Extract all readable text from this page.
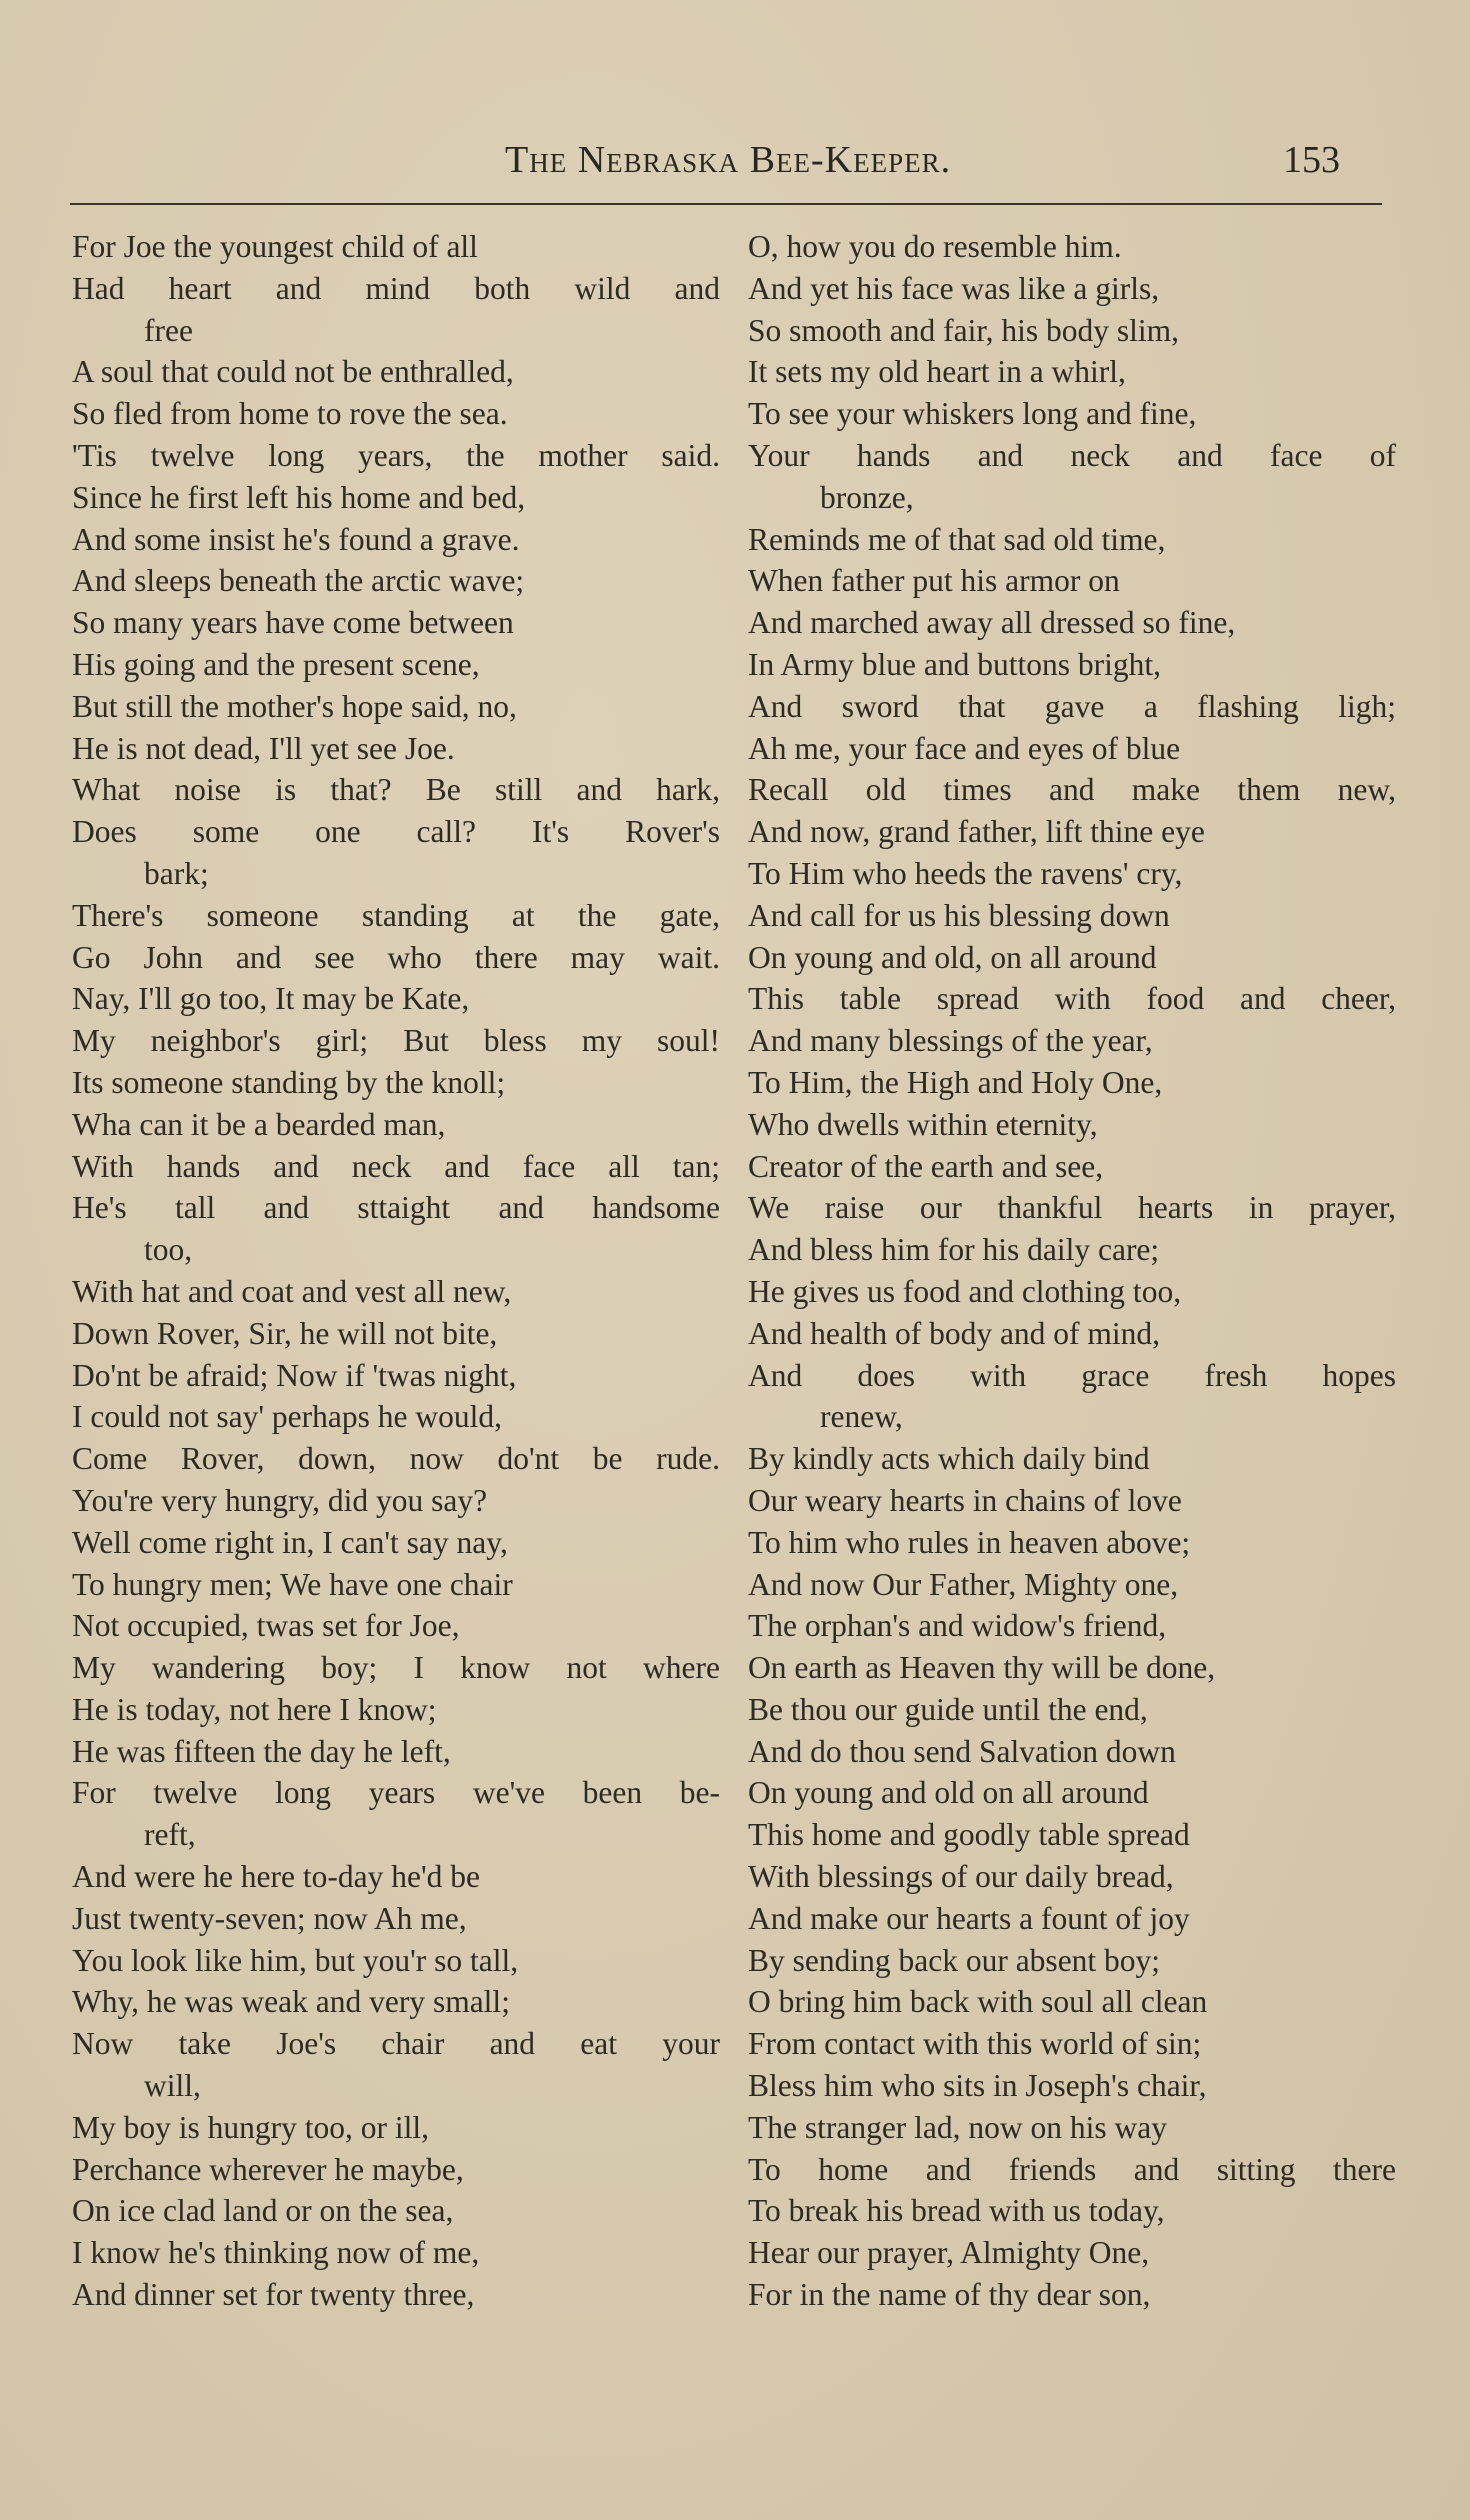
The Nebraska Bee-Keeper.	153
For Joe the youngest child of all
Had heart and mind both wild and
free
A soul that could not be enthralled,
So fled from home to rove the sea.
'Tis twelve long years, the mother said.
Since he first left his home and bed,
And some insist he's found a grave.
And sleeps beneath the arctic wave;
So many years have come between
His going and the present scene,
But still the mother's hope said, no,
He is not dead, I'll yet see Joe.
What noise is that? Be still and hark,
Does some one call? It's Rover's
bark;
There's someone standing at the gate,
Go John and see who there may wait.
Nay, I'll go too, It may be Kate,
My neighbor's girl; But bless my soul!
Its someone standing by the knoll;
Wha can it be a bearded man,
With hands and neck and face all tan;
He's tall and sttaight and handsome
too,
With hat and coat and vest all new,
Down Rover, Sir, he will not bite,
Do'nt be afraid; Now if 'twas night,
I could not say' perhaps he would,
Come Rover, down, now do'nt be rude.
You're very hungry, did you say?
Well come right in, I can't say nay,
To hungry men; We have one chair
Not occupied, twas set for Joe,
My wandering boy; I know not where
He is today, not here I know;
He was fifteen the day he left,
For twelve long years we've been be-
reft,
And were he here to-day he'd be
Just twenty-seven; now Ah me,
You look like him, but you'r so tall,
Why, he was weak and very small;
Now take Joe's chair and eat your
will,
My boy is hungry too, or ill,
Perchance wherever he maybe,
On ice clad land or on the sea,
I know he's thinking now of me,
And dinner set for twenty three,
O, how you do resemble him.
And yet his face was like a girls,
So smooth and fair, his body slim,
It sets my old heart in a whirl,
To see your whiskers long and fine,
Your hands and neck and face of
bronze,
Reminds me of that sad old time,
When father put his armor on
And marched away all dressed so fine,
In Army blue and buttons bright,
And sword that gave a flashing ligh;
Ah me, your face and eyes of blue
Recall old times and make them new,
And now, grand father, lift thine eye
To Him who heeds the ravens' cry,
And call for us his blessing down
On young and old, on all around
This table spread with food and cheer,
And many blessings of the year,
To Him, the High and Holy One,
Who dwells within eternity,
Creator of the earth and see,
We raise our thankful hearts in prayer,
And bless him for his daily care;
He gives us food and clothing too,
And health of body and of mind,
And does with grace fresh hopes
renew,
By kindly acts which daily bind
Our weary hearts in chains of love
To him who rules in heaven above;
And now Our Father, Mighty one,
The orphan's and widow's friend,
On earth as Heaven thy will be done,
Be thou our guide until the end,
And do thou send Salvation down
On young and old on all around
This home and goodly table spread
With blessings of our daily bread,
And make our hearts a fount of joy
By sending back our absent boy;
O bring him back with soul all clean
From contact with this world of sin;
Bless him who sits in Joseph's chair,
The stranger lad, now on his way
To home and friends and sitting there
To break his bread with us today,
Hear our prayer, Almighty One,
For in the name of thy dear son,
